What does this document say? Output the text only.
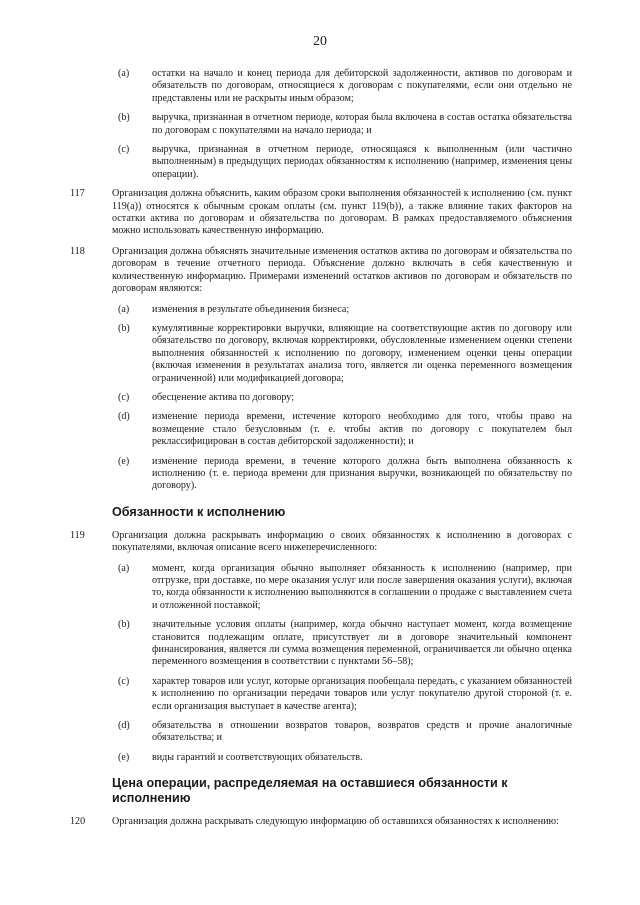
20
(a) остатки на начало и конец периода для дебиторской задолженности, активов по договорам и обязательств по договорам, относящиеся к договорам с покупателями, если они отдельно не представлены или не раскрыты иным образом;
(b) выручка, признанная в отчетном периоде, которая была включена в состав остатка обязательства по договорам с покупателями на начало периода; и
(c) выручка, признанная в отчетном периоде, относящаяся к выполненным (или частично выполненным) в предыдущих периодах обязанностям к исполнению (например, изменения цены операции).
117	Организация должна объяснить, каким образом сроки выполнения обязанностей к исполнению (см. пункт 119(a)) относятся к обычным срокам оплаты (см. пункт 119(b)), а также влияние таких факторов на остатки актива по договорам и обязательства по договорам. В рамках предоставляемого объяснения можно использовать качественную информацию.
118	Организация должна объяснять значительные изменения остатков актива по договорам и обязательства по договорам в течение отчетного периода. Объяснение должно включать в себя качественную и количественную информацию. Примерами изменений остатков активов по договорам и обязательств по договорам являются:
(a) изменения в результате объединения бизнеса;
(b) кумулятивные корректировки выручки, влияющие на соответствующие актив по договору или обязательство по договору, включая корректировки, обусловленные изменением оценки степени выполнения обязанностей к исполнению по договору, изменением оценки цены операции (включая изменения в результатах анализа того, является ли оценка переменного возмещения ограниченной) или модификацией договора;
(c) обесценение актива по договору;
(d) изменение периода времени, истечение которого необходимо для того, чтобы право на возмещение стало безусловным (т. е. чтобы актив по договору с покупателем был реклассифицирован в состав дебиторской задолженности); и
(e) изменение периода времени, в течение которого должна быть выполнена обязанность к исполнению (т. е. периода времени для признания выручки, возникающей по обязательству по договору).
Обязанности к исполнению
119	Организация должна раскрывать информацию о своих обязанностях к исполнению в договорах с покупателями, включая описание всего нижеперечисленного:
(a) момент, когда организация обычно выполняет обязанность к исполнению (например, при отгрузке, при доставке, по мере оказания услуг или после завершения оказания услуги), включая то, когда обязанности к исполнению выполняются в соглашении о продаже с выставлением счета и отложенной поставкой;
(b) значительные условия оплаты (например, когда обычно наступает момент, когда возмещение становится подлежащим оплате, присутствует ли в договоре значительный компонент финансирования, является ли сумма возмещения переменной, ограничивается ли обычно оценка переменного возмещения в соответствии с пунктами 56–58);
(c) характер товаров или услуг, которые организация пообещала передать, с указанием обязанностей к исполнению по организации передачи товаров или услуг покупателю другой стороной (т. е. если организация выступает в качестве агента);
(d) обязательства в отношении возвратов товаров, возвратов средств и прочие аналогичные обязательства; и
(e) виды гарантий и соответствующих обязательств.
Цена операции, распределяемая на оставшиеся обязанности к исполнению
120	Организация должна раскрывать следующую информацию об оставшихся обязанностях к исполнению:
